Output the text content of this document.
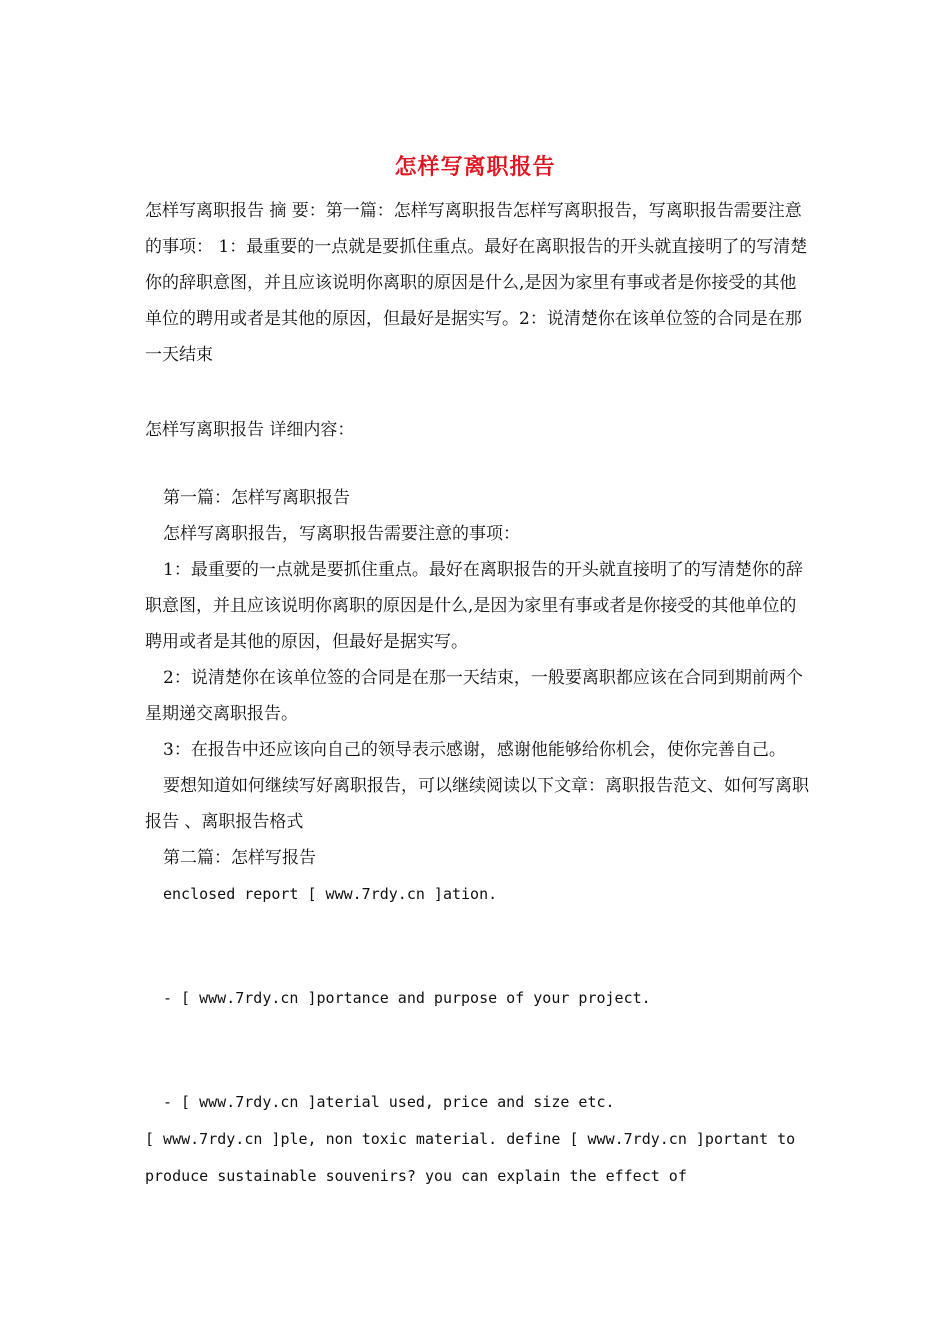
怎样写离职报告
怎样写离职报告 摘 要：第一篇：怎样写离职报告怎样写离职报告，写离职报告需要注意的事项： 1：最重要的一点就是要抓住重点。最好在离职报告的开头就直接明了的写清楚你的辞职意图，并且应该说明你离职的原因是什么,是因为家里有事或者是你接受的其他单位的聘用或者是其他的原因，但最好是据实写。2：说清楚你在该单位签的合同是在那一天结束
怎样写离职报告 详细内容：

第一篇：怎样写离职报告

怎样写离职报告，写离职报告需要注意的事项：

1：最重要的一点就是要抓住重点。最好在离职报告的开头就直接明了的写清楚你的辞职意图，并且应该说明你离职的原因是什么,是因为家里有事或者是你接受的其他单位的聘用或者是其他的原因，但最好是据实写。

2：说清楚你在该单位签的合同是在那一天结束，一般要离职都应该在合同到期前两个星期递交离职报告。

3：在报告中还应该向自己的领导表示感谢，感谢他能够给你机会，使你完善自己。

要想知道如何继续写好离职报告，可以继续阅读以下文章：离职报告范文、如何写离职报告 、离职报告格式

第二篇：怎样写报告

enclosed report [ www.7rdy.cn ]ation.

- [ www.7rdy.cn ]portance and purpose of your project.

- [ www.7rdy.cn ]aterial used, price and size etc.

[ www.7rdy.cn ]ple, non toxic material. define [ www.7rdy.cn ]portant to produce sustainable souvenirs? you can explain the effect of
